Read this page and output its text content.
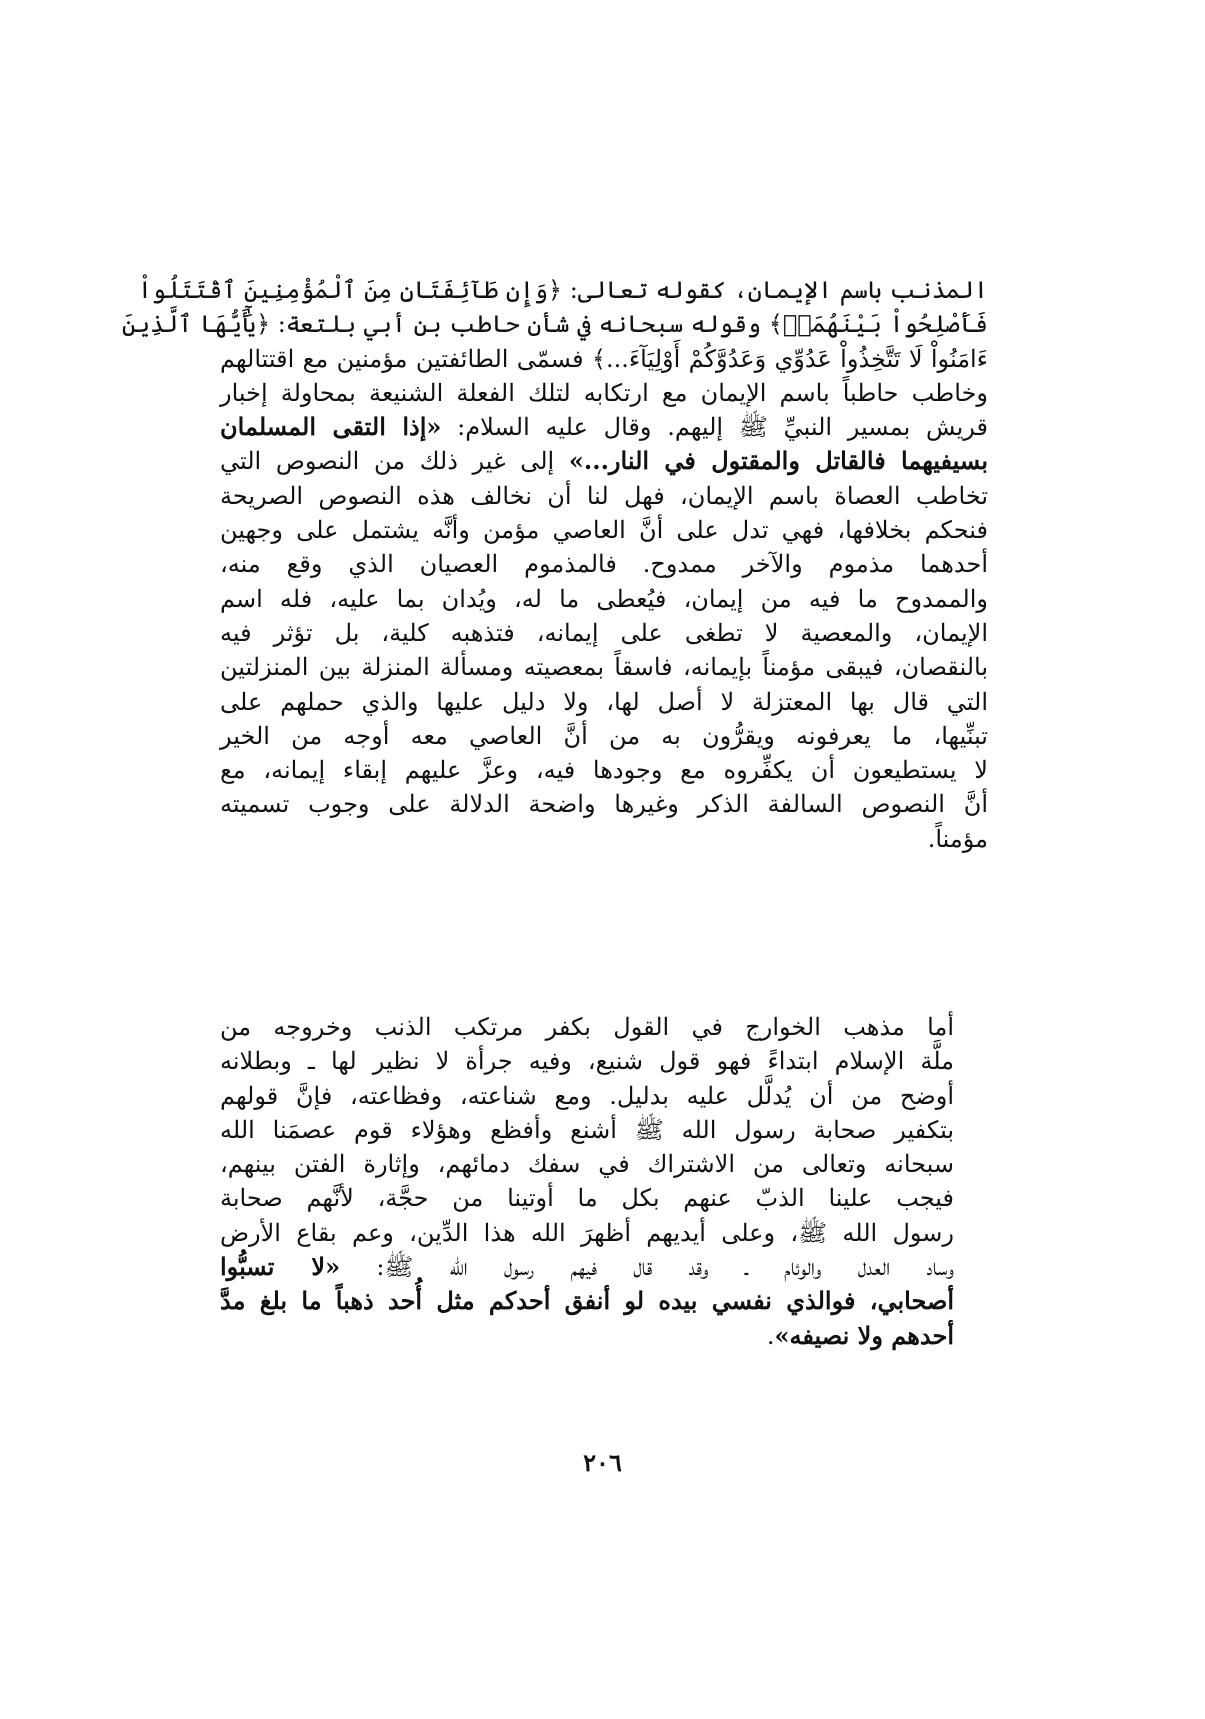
المذنب باسم الإيمان، كقوله تعالى: ﴿وَإِن طَآئِفَتَانِ مِنَ ٱلْمُؤْمِنِينَ ٱقْتَتَلُواْ
فَأَصْلِحُواْ بَيْنَهُمَاۖ﴾ وقوله سبحانه في شأن حاطب بن أبي بلتعة: ﴿يَٰٓأَيُّهَا ٱلَّذِينَ
ءَامَنُواْ لَا تَتَّخِذُواْ عَدُوِّي وَعَدُوَّكُمْ أَوْلِيَآءَ...﴾ فسمّى الطائفتين مؤمنين مع اقتتالهم
وخاطب حاطباً باسم الإيمان مع ارتكابه لتلك الفعلة الشنيعة بمحاولة إخبار
قريش بمسير النبيِّ ﷺ إليهم. وقال عليه السلام: «إذا التقى المسلمان
بسيفيهما فالقاتل والمقتول في النار...» إلى غير ذلك من النصوص التي
تخاطب العصاة باسم الإيمان، فهل لنا أن نخالف هذه النصوص الصريحة
فنحكم بخلافها، فهي تدل على أنَّ العاصي مؤمن وأنَّه يشتمل على وجهين
أحدهما مذموم والآخر ممدوح. فالمذموم العصيان الذي وقع منه،
والممدوح ما فيه من إيمان، فيُعطى ما له، ويُدان بما عليه، فله اسم
الإيمان، والمعصية لا تطغى على إيمانه، فتذهبه كلية، بل تؤثر فيه
بالنقصان، فيبقى مؤمناً بإيمانه، فاسقاً بمعصيته ومسألة المنزلة بين المنزلتين
التي قال بها المعتزلة لا أصل لها، ولا دليل عليها والذي حملهم على
تبنِّيها، ما يعرفونه ويقرُّون به من أنَّ العاصي معه أوجه من الخير
لا يستطيعون أن يكفِّروه مع وجودها فيه، وعزَّ عليهم إبقاء إيمانه، مع
أنَّ النصوص السالفة الذكر وغيرها واضحة الدلالة على وجوب تسميته
مؤمناً.
أما مذهب الخوارج في القول بكفر مرتكب الذنب وخروجه من
ملَّة الإسلام ابتداءً فهو قول شنيع، وفيه جرأة لا نظير لها ـ وبطلانه
أوضح من أن يُدلَّل عليه بدليل. ومع شناعته، وفظاعته، فإنَّ قولهم
بتكفير صحابة رسول الله ﷺ أشنع وأفظع وهؤلاء قوم عصمَنا الله
سبحانه وتعالى من الاشتراك في سفك دمائهم، وإثارة الفتن بينهم،
فيجب علينا الذبّ عنهم بكل ما أوتينا من حجَّة، لأنَّهم صحابة
رسول الله ﷺ، وعلى أيديهم أظهرَ الله هذا الدِّين، وعم بقاع الأرض
وساد العدل والوئام ـ وقد قال فيهم رسول الله ﷺ: «لا تسبُّوا
أصحابي، فوالذي نفسي بيده لو أنفق أحدكم مثل أُحد ذهباً ما بلغ مدَّ
أحدهم ولا نصيفه».
٢٠٦
